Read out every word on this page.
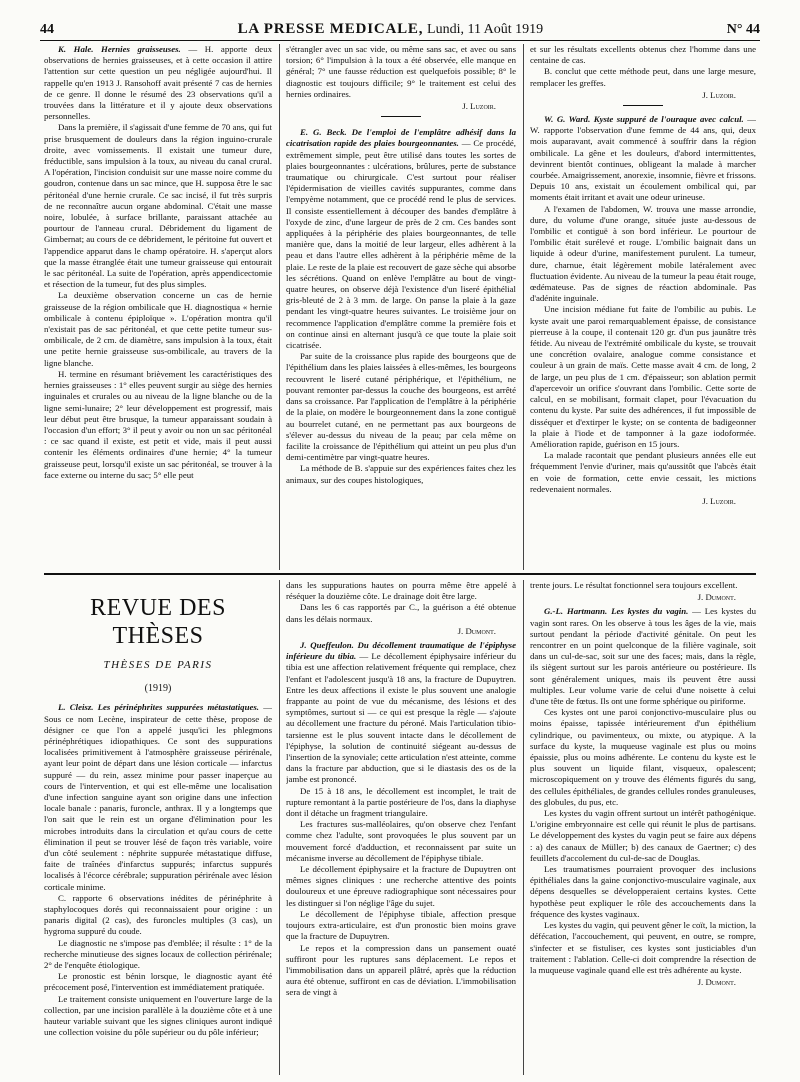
44	LA PRESSE MEDICALE, Lundi, 11 Août 1919	N° 44

K. Hale. Hernies graisseuses. — H. apporte deux observations de hernies graisseuses, et à cette occasion il attire l'attention sur cette question un peu négligée aujourd'hui. Il rappelle qu'en 1913 J. Ransohoff avait présenté 7 cas de hernies de ce genre. Il donne le résumé des 23 observations qu'il a trouvées dans la littérature et il y ajoute deux observations personnelles.

Dans la première, il s'agissait d'une femme de 70 ans, qui fut prise brusquement de douleurs dans la région inguino-crurale droite, avec vomissements. Il existait une tumeur dure, fréductible, sans impulsion à la toux, au niveau du canal crural. A l'opération, l'incision conduisit sur une masse noire comme du goudron, contenue dans un sac mince, que H. supposa être le sac péritonéal d'une hernie crurale. Ce sac incisé, il fut très surpris de ne reconnaître aucun organe abdominal. C'était une masse noire, lobulée, à surface brillante, paraissant attachée au pourtour de l'anneau crural. Débridement du ligament de Gimbernat; au cours de ce débridement, le péritoine fut ouvert et l'appendice apparut dans le champ opératoire. H. s'aperçut alors que la masse étranglée était une tumeur graisseuse qui entourait le sac péritonéal. La suite de l'opération, après appendicectomie et résection de la tumeur, fut des plus simples.

La deuxième observation concerne un cas de hernie graisseuse de la région ombilicale que H. diagnostiqua « hernie ombilicale à contenu épiploïque ». L'opération montra qu'il n'existait pas de sac péritonéal, et que cette petite tumeur sus-ombilicale, de 2 cm. de diamètre, sans impulsion à la toux, était une petite hernie graisseuse sus-ombilicale, au travers de la ligne blanche.

H. termine en résumant brièvement les caractéristiques des hernies graisseuses : 1° elles peuvent surgir au siège des hernies inguinales et crurales ou au niveau de la ligne blanche ou de la ligne semi-lunaire; 2° leur développement est progressif, mais leur début peut être brusque, la tumeur apparaissant soudain à l'occasion d'un effort; 3° il peut y avoir ou non un sac péritonéal : ce sac quand il existe, est petit et vide, mais il peut aussi contenir les éléments ordinaires d'une hernie; 4° la tumeur graisseuse peut, lorsqu'il existe un sac péritonéal, se trouver à la face externe ou interne du sac; 5° elle peut

s'étrangler avec un sac vide, ou même sans sac, et avec ou sans torsion; 6° l'impulsion à la toux a été observée, elle manque en général; 7° une fausse réduction est quelquefois possible; 8° le diagnostic est toujours difficile; 9° le traitement est celui des hernies ordinaires.

J. Luzoir.

E. G. Beck. De l'emploi de l'emplâtre adhésif dans la cicatrisation rapide des plaies bourgeonnantes. — Ce procédé, extrêmement simple, peut être utilisé dans toutes les sortes de plaies bourgeonnantes : ulcérations, brûlures, perte de substance traumatique ou chirurgicale. C'est surtout pour réaliser l'épidermisation de vieilles cavités suppurantes, comme dans l'empyème notamment, que ce procédé rend le plus de services. Il consiste essentiellement à découper des bandes d'emplâtre à l'oxyde de zinc, d'une largeur de près de 2 cm. Ces bandes sont appliquées à la périphérie des plaies bourgeonnantes, de telle manière que, dans la moitié de leur largeur, elles adhèrent à la peau et dans l'autre elles adhèrent à la périphérie même de la plaie. Le reste de la plaie est recouvert de gaze sèche qui absorbe les sécrétions. Quand on enlève l'emplâtre au bout de vingt-quatre heures, on observe déjà l'existence d'un liseré épithélial gris-bleuté de 2 à 3 mm. de large. On panse la plaie à la gaze pendant les vingt-quatre heures suivantes. Le troisième jour on recommence l'application d'emplâtre comme la première fois et on continue ainsi en alternant jusqu'à ce que toute la plaie soit cicatrisée.

Par suite de la croissance plus rapide des bourgeons que de l'épithélium dans les plaies laissées à elles-mêmes, les bourgeons recouvrent le liseré cutané périphérique, et l'épithélium, ne pouvant remonter par-dessus la couche des bourgeons, est arrêté dans sa croissance. Par l'application de l'emplâtre à la périphérie de la plaie, on modère le bourgeonnement dans la zone contiguë au bourrelet cutané, en ne permettant pas aux bourgeons de s'élever au-dessus du niveau de la peau; par cela même on facilite la croissance de l'épithélium qui atteint un peu plus d'un demi-centimètre par vingt-quatre heures.

La méthode de B. s'appuie sur des expériences faites chez les animaux, sur des coupes histologiques,

et sur les résultats excellents obtenus chez l'homme dans une centaine de cas.

B. conclut que cette méthode peut, dans une large mesure, remplacer les greffes.

J. Luzoir.

W. G. Ward. Kyste suppuré de l'ouraque avec calcul. — W. rapporte l'observation d'une femme de 44 ans, qui, deux mois auparavant, avait commencé à souffrir dans la région ombilicale. La gêne et les douleurs, d'abord intermittentes, devinrent bientôt continues, obligeant la malade à marcher courbée. Amaigrissement, anorexie, insomnie, fièvre et frissons. Depuis 10 ans, existait un écoulement ombilical qui, par moments était irritant et avait une odeur urineuse.

A l'examen de l'abdomen, W. trouva une masse arrondie, dure, du volume d'une orange, située juste au-dessous de l'ombilic et contiguë à son bord inférieur. Le pourtour de l'ombilic était surélevé et rouge. L'ombilic baignait dans un liquide à odeur d'urine, manifestement purulent. La tumeur, dure, charnue, était légèrement mobile latéralement avec fluctuation évidente. Au niveau de la tumeur la peau était rouge, œdémateuse. Pas de signes de réaction abdominale. Pas d'adénite inguinale.

Une incision médiane fut faite de l'ombilic au pubis. Le kyste avait une paroi remarquablement épaisse, de consistance pierreuse à la coupe, il contenait 120 gr. d'un pus jaunâtre très fétide. Au niveau de l'extrémité ombilicale du kyste, se trouvait une concrétion ovalaire, analogue comme consistance et couleur à un grain de maïs. Cette masse avait 4 cm. de long, 2 de large, un peu plus de 1 cm. d'épaisseur; son ablation permit d'apercevoir un orifice s'ouvrant dans l'ombilic. Cette sorte de calcul, en se mobilisant, formait clapet, pour l'évacuation du contenu du kyste. Par suite des adhérences, il fut impossible de disséquer et d'extirper le kyste; on se contenta de badigeonner la plaie à l'iode et de tamponner à la gaze iodoformée. Amélioration rapide, guérison en 15 jours.

La malade racontait que pendant plusieurs années elle eut fréquemment l'envie d'uriner, mais qu'aussitôt que l'abcès était en voie de formation, cette envie cessait, les mictions redevenaient normales.

J. Luzoir.

REVUE DES THÈSES
THÈSES DE PARIS
(1919)

L. Cleisz. Les périnéphrites suppurées métastatiques. — Sous ce nom Lecène, inspirateur de cette thèse, propose de désigner ce que l'on a appelé jusqu'ici les phlegmons périnéphrétiques idiopathiques. Ce sont des suppurations localisées primitivement à l'atmosphère graisseuse périrénale, ayant leur point de départ dans une lésion corticale — infarctus suppuré — du rein, assez minime pour passer inaperçue au cours de l'intervention, et qui est elle-même une localisation d'une infection sanguine ayant son origine dans une infection locale banale : panaris, furoncle, anthrax. Il y a longtemps que l'on sait que le rein est un organe d'élimination pour les microbes introduits dans la circulation et qu'au cours de cette élimination il peut se trouver lésé de façon très variable, voire d'un côté seulement : néphrite suppurée métastatique diffuse, faite de traînées d'infarctus suppurés; infarctus suppurés localisés à l'écorce cérébrale; suppuration périrénale avec lésion corticale minime.

C. rapporte 6 observations inédites de périnéphrite à staphylocoques dorés qui reconnaissaient pour origine : un panaris digital (2 cas), des furoncles multiples (3 cas), un hygroma suppuré du coude.

Le diagnostic ne s'impose pas d'emblée; il résulte : 1° de la recherche minutieuse des signes locaux de collection périrénale; 2° de l'enquête étiologique.

Le pronostic est bénin lorsque, le diagnostic ayant été précocement posé, l'intervention est immédiatement pratiquée.

Le traitement consiste uniquement en l'ouverture large de la collection, par une incision parallèle à la douzième côte et à une hauteur variable suivant que les signes cliniques auront indiqué une collection voisine du pôle supérieur ou du pôle inférieur;

dans les suppurations hautes on pourra même être appelé à réséquer la douzième côte. Le drainage doit être large.

Dans les 6 cas rapportés par C., la guérison a été obtenue dans les délais normaux.

J. Dumont.

J. Queffeulon. Du décollement traumatique de l'épiphyse inférieure du tibia. — Le décollement épiphysaire inférieur du tibia est une affection relativement fréquente qui remplace, chez l'enfant et l'adolescent jusqu'à 18 ans, la fracture de Dupuytren. Entre les deux affections il existe le plus souvent une analogie frappante au point de vue du mécanisme, des lésions et des symptômes, surtout si — ce qui est presque la règle — s'ajoute au décollement une fracture du péroné. Mais l'articulation tibio-tarsienne est le plus souvent intacte dans le décollement de l'épiphyse, la solution de continuité siégeant au-dessus de l'insertion de la synoviale; cette articulation n'est atteinte, comme dans la fracture par abduction, que si le diastasis des os de la jambe est prononcé.

De 15 à 18 ans, le décollement est incomplet, le trait de rupture remontant à la partie postérieure de l'os, dans la diaphyse dont il détache un fragment triangulaire.

Les fractures sus-malléolaires, qu'on observe chez l'enfant comme chez l'adulte, sont provoquées le plus souvent par un mouvement forcé d'adduction, et reconnaissent par suite un mécanisme inverse au décollement de l'épiphyse tibiale.

Le décollement épiphysaire et la fracture de Dupuytren ont mêmes signes cliniques : une recherche attentive des points douloureux et une épreuve radiographique sont nécessaires pour les distinguer si l'on néglige l'âge du sujet.

Le décollement de l'épiphyse tibiale, affection presque toujours extra-articulaire, est d'un pronostic bien moins grave que la fracture de Dupuytren.

Le repos et la compression dans un pansement ouaté suffiront pour les ruptures sans déplacement. Le repos et l'immobilisation dans un appareil plâtré, après que la réduction aura été obtenue, suffiront en cas de déviation. L'immobilisation sera de vingt à

trente jours. Le résultat fonctionnel sera toujours excellent.

J. Dumont.

G.-L. Hartmann. Les kystes du vagin. — Les kystes du vagin sont rares. On les observe à tous les âges de la vie, mais surtout pendant la période d'activité génitale. On peut les rencontrer en un point quelconque de la filière vaginale, soit dans un cul-de-sac, soit sur une des faces; mais, dans la règle, ils siègent surtout sur les parois antérieure ou postérieure. Ils sont généralement uniques, mais ils peuvent être aussi multiples. Leur volume varie de celui d'une noisette à celui d'une tête de fœtus. Ils ont une forme sphérique ou piriforme.

Ces kystes ont une paroi conjonctivo-musculaire plus ou moins épaisse, tapissée intérieurement d'un épithélium cylindrique, ou pavimenteux, ou mixte, ou atypique. A la surface du kyste, la muqueuse vaginale est plus ou moins épaissie, plus ou moins adhérente. Le contenu du kyste est le plus souvent un liquide filant, visqueux, opalescent; microscopiquement on y trouve des éléments figurés du sang, des cellules épithéliales, de grandes cellules rondes granuleuses, des globules, du pus, etc.

Les kystes du vagin offrent surtout un intérêt pathogénique. L'origine embryonnaire est celle qui réunit le plus de partisans. Le développement des kystes du vagin peut se faire aux dépens : a) des canaux de Müller; b) des canaux de Gaertner; c) des feuillets d'accolement du cul-de-sac de Douglas.

Les traumatismes pourraient provoquer des inclusions épithéliales dans la gaine conjonctivo-musculaire vaginale, aux dépens desquelles se développeraient certains kystes. Cette hypothèse peut expliquer le rôle des accouchements dans la fréquence des kystes vaginaux.

Les kystes du vagin, qui peuvent gêner le coït, la miction, la défécation, l'accouchement, qui peuvent, en outre, se rompre, s'infecter et se fistuliser, ces kystes sont justiciables d'un traitement : l'ablation. Celle-ci doit comprendre la résection de la muqueuse vaginale quand elle est très adhérente au kyste.

J. Dumont.
